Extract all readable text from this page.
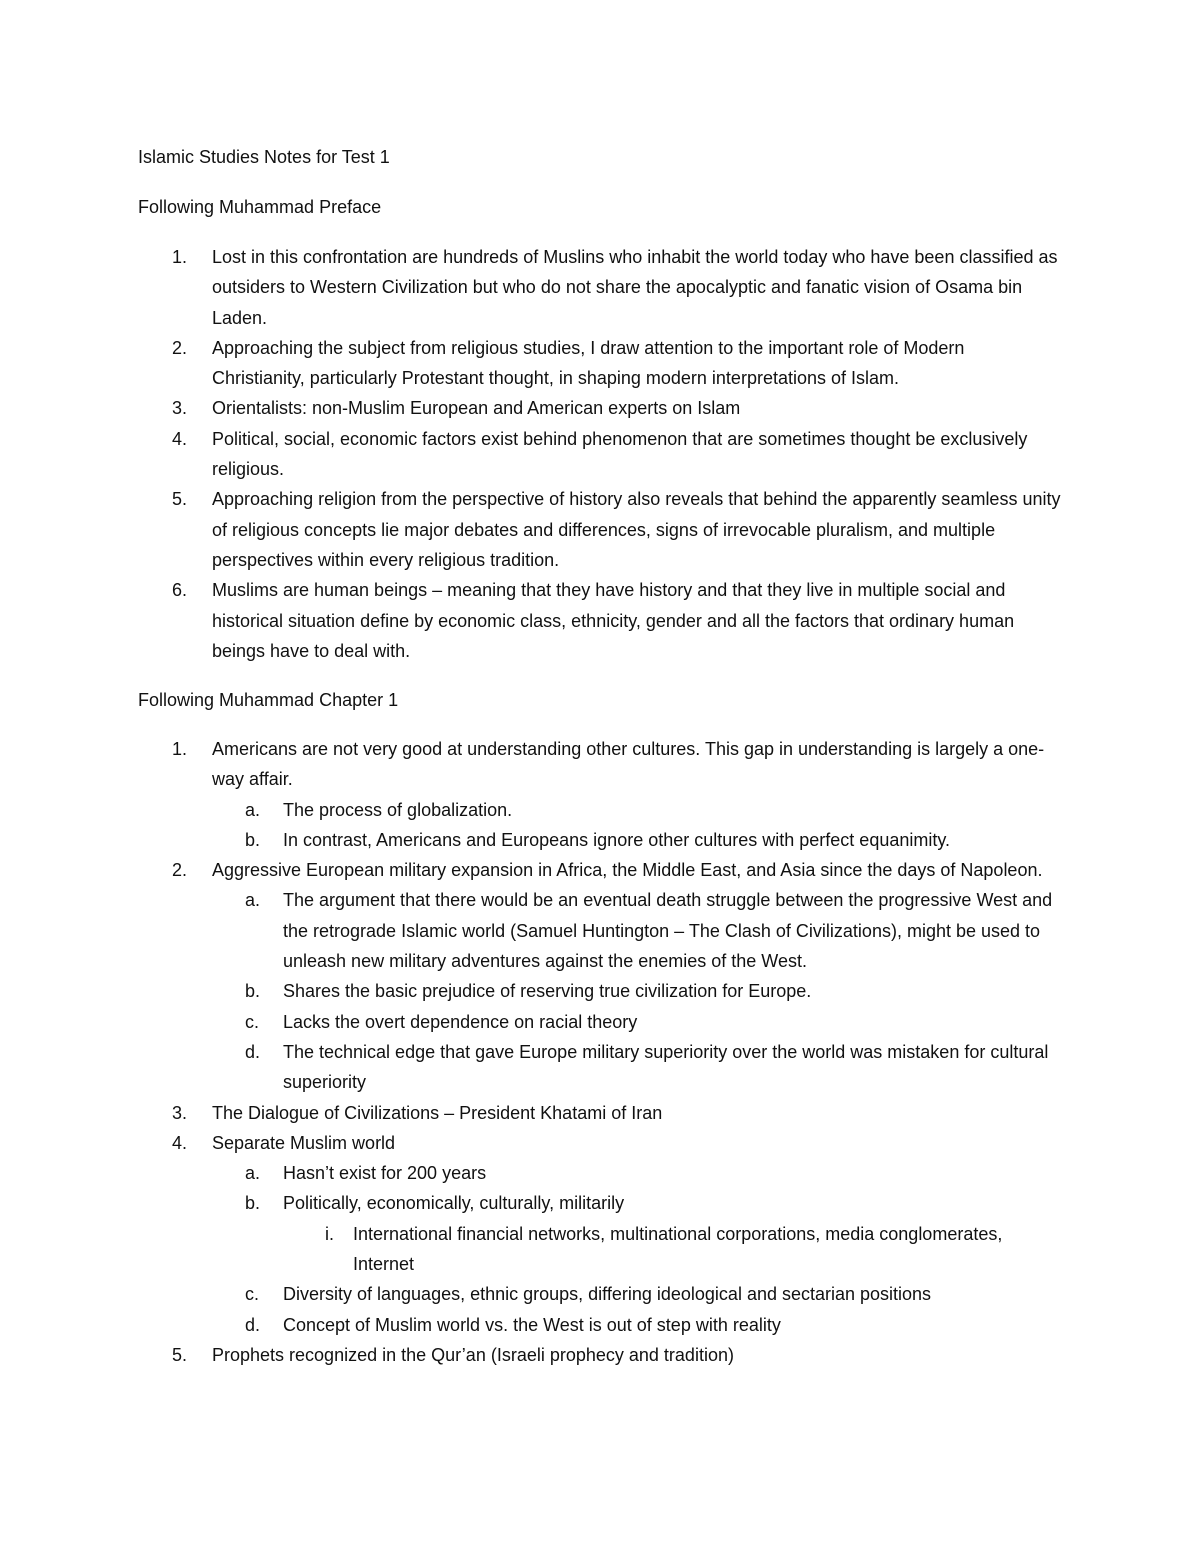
Islamic Studies Notes for Test 1
Following Muhammad Preface
1. Lost in this confrontation are hundreds of Muslins who inhabit the world today who have been classified as outsiders to Western Civilization but who do not share the apocalyptic and fanatic vision of Osama bin Laden.
2. Approaching the subject from religious studies, I draw attention to the important role of Modern Christianity, particularly Protestant thought, in shaping modern interpretations of Islam.
3. Orientalists: non-Muslim European and American experts on Islam
4. Political, social, economic factors exist behind phenomenon that are sometimes thought be exclusively religious.
5. Approaching religion from the perspective of history also reveals that behind the apparently seamless unity of religious concepts lie major debates and differences, signs of irrevocable pluralism, and multiple perspectives within every religious tradition.
6. Muslims are human beings – meaning that they have history and that they live in multiple social and historical situation define by economic class, ethnicity, gender and all the factors that ordinary human beings have to deal with.
Following Muhammad Chapter 1
1. Americans are not very good at understanding other cultures. This gap in understanding is largely a one-way affair.
a. The process of globalization.
b. In contrast, Americans and Europeans ignore other cultures with perfect equanimity.
2. Aggressive European military expansion in Africa, the Middle East, and Asia since the days of Napoleon.
a. The argument that there would be an eventual death struggle between the progressive West and the retrograde Islamic world (Samuel Huntington – The Clash of Civilizations), might be used to unleash new military adventures against the enemies of the West.
b. Shares the basic prejudice of reserving true civilization for Europe.
c. Lacks the overt dependence on racial theory
d. The technical edge that gave Europe military superiority over the world was mistaken for cultural superiority
3. The Dialogue of Civilizations – President Khatami of Iran
4. Separate Muslim world
a. Hasn’t exist for 200 years
b. Politically, economically, culturally, militarily
i. International financial networks, multinational corporations, media conglomerates, Internet
c. Diversity of languages, ethnic groups, differing ideological and sectarian positions
d. Concept of Muslim world vs. the West is out of step with reality
5. Prophets recognized in the Qur’an (Israeli prophecy and tradition)
